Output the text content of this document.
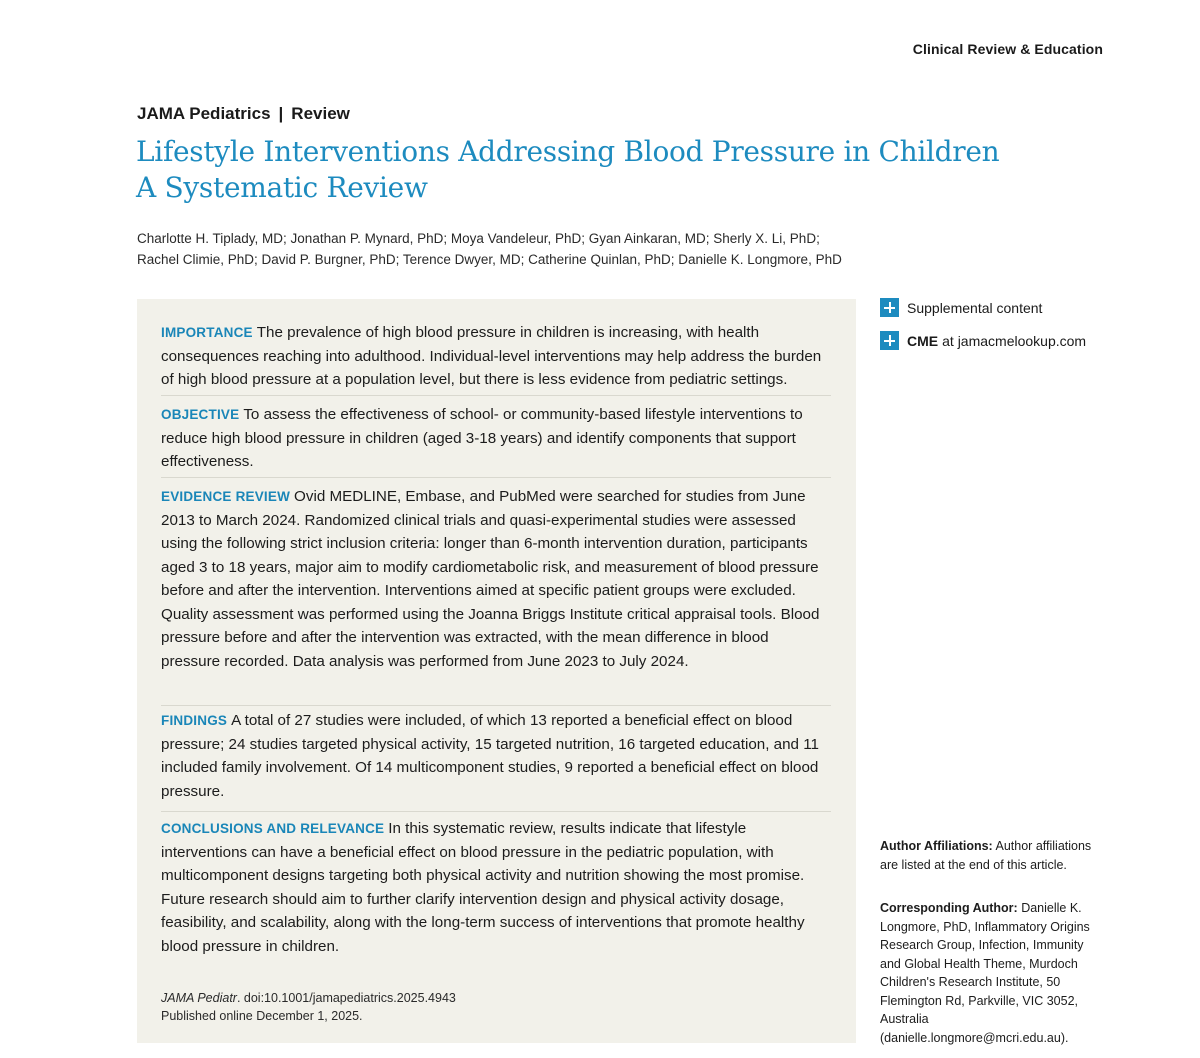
Clinical Review & Education
JAMA Pediatrics | Review
Lifestyle Interventions Addressing Blood Pressure in Children
A Systematic Review
Charlotte H. Tiplady, MD; Jonathan P. Mynard, PhD; Moya Vandeleur, PhD; Gyan Ainkaran, MD; Sherly X. Li, PhD;
Rachel Climie, PhD; David P. Burgner, PhD; Terence Dwyer, MD; Catherine Quinlan, PhD; Danielle K. Longmore, PhD
IMPORTANCE The prevalence of high blood pressure in children is increasing, with health consequences reaching into adulthood. Individual-level interventions may help address the burden of high blood pressure at a population level, but there is less evidence from pediatric settings.
OBJECTIVE To assess the effectiveness of school- or community-based lifestyle interventions to reduce high blood pressure in children (aged 3-18 years) and identify components that support effectiveness.
EVIDENCE REVIEW Ovid MEDLINE, Embase, and PubMed were searched for studies from June 2013 to March 2024. Randomized clinical trials and quasi-experimental studies were assessed using the following strict inclusion criteria: longer than 6-month intervention duration, participants aged 3 to 18 years, major aim to modify cardiometabolic risk, and measurement of blood pressure before and after the intervention. Interventions aimed at specific patient groups were excluded. Quality assessment was performed using the Joanna Briggs Institute critical appraisal tools. Blood pressure before and after the intervention was extracted, with the mean difference in blood pressure recorded. Data analysis was performed from June 2023 to July 2024.
FINDINGS A total of 27 studies were included, of which 13 reported a beneficial effect on blood pressure; 24 studies targeted physical activity, 15 targeted nutrition, 16 targeted education, and 11 included family involvement. Of 14 multicomponent studies, 9 reported a beneficial effect on blood pressure.
CONCLUSIONS AND RELEVANCE In this systematic review, results indicate that lifestyle interventions can have a beneficial effect on blood pressure in the pediatric population, with multicomponent designs targeting both physical activity and nutrition showing the most promise. Future research should aim to further clarify intervention design and physical activity dosage, feasibility, and scalability, along with the long-term success of interventions that promote healthy blood pressure in children.
JAMA Pediatr. doi:10.1001/jamapediatrics.2025.4943
Published online December 1, 2025.
Supplemental content
CME at jamacmelookup.com
Author Affiliations: Author affiliations are listed at the end of this article.
Corresponding Author: Danielle K. Longmore, PhD, Inflammatory Origins Research Group, Infection, Immunity and Global Health Theme, Murdoch Children's Research Institute, 50 Flemington Rd, Parkville, VIC 3052, Australia (danielle.longmore@mcri.edu.au).
